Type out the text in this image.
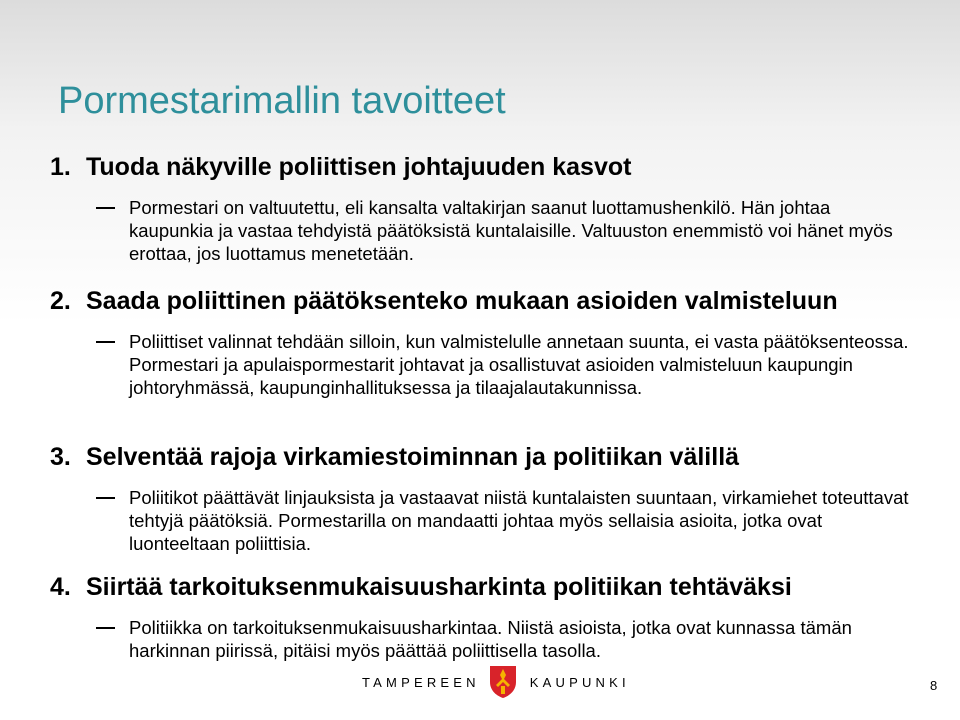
Pormestarimallin tavoitteet
1. Tuoda näkyville poliittisen johtajuuden kasvot
Pormestari on valtuutettu, eli kansalta valtakirjan saanut luottamushenkilö. Hän johtaa kaupunkia ja vastaa tehdyistä päätöksistä kuntalaisille. Valtuuston enemmistö voi hänet myös erottaa, jos luottamus menetetään.
2. Saada poliittinen päätöksenteko mukaan asioiden valmisteluun
Poliittiset valinnat tehdään silloin, kun valmistelulle annetaan suunta, ei vasta päätöksenteossa. Pormestari ja apulaispormestarit johtavat ja osallistuvat asioiden valmisteluun kaupungin johtoryhmässä, kaupunginhallituksessa ja tilaajalautakunnissa.
3. Selventää rajoja virkamiestoiminnan ja politiikan välillä
Poliitikot päättävät linjauksista ja vastaavat niistä kuntalaisten suuntaan, virkamiehet toteuttavat tehtyjä päätöksiä. Pormestarilla on mandaatti johtaa myös sellaisia asioita, jotka ovat luonteeltaan poliittisia.
4. Siirtää tarkoituksenmukaisuusharkinta politiikan tehtäväksi
Politiikka on tarkoituksenmukaisuusharkintaa. Niistä asioista, jotka ovat kunnassa tämän harkinnan piirissä, pitäisi myös päättää poliittisella tasolla.
TAMPEREEN	KAUPUNKI	8
